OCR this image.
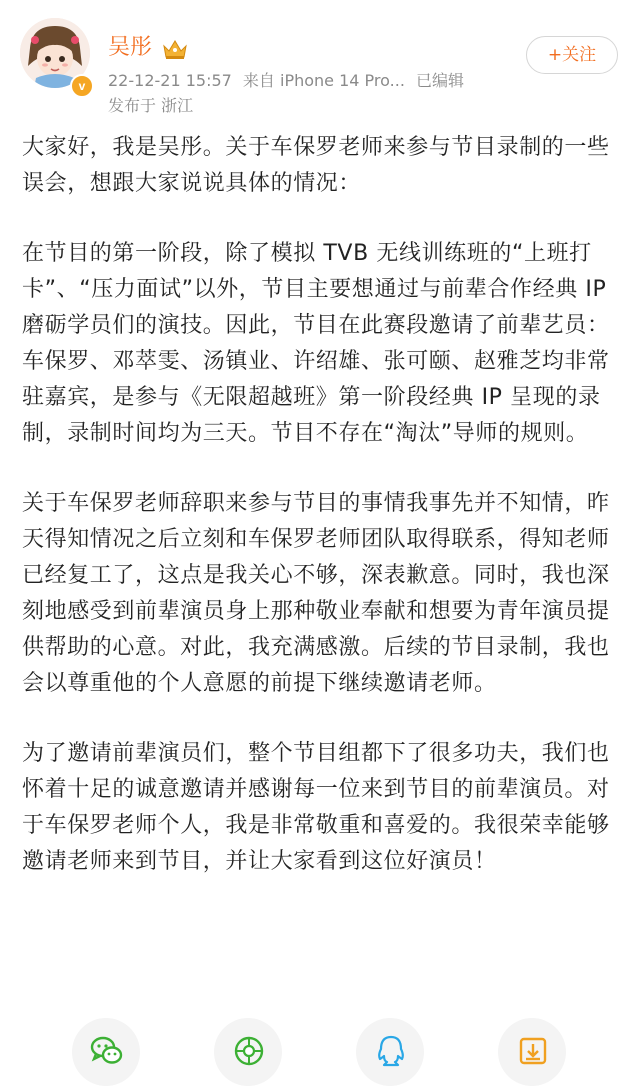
v
吴彤
22-12-21 15:57 来自 iPhone 14 Pro... 已编辑
发布于 浙江
+关注

大家好，我是吴彤。关于车保罗老师来参与节目录制的一些误会，想跟大家说说具体的情况：

在节目的第一阶段，除了模拟 TVB 无线训练班的“上班打卡”、“压力面试”以外，节目主要想通过与前辈合作经典 IP 磨砺学员们的演技。因此，节目在此赛段邀请了前辈艺员：车保罗、邓萃雯、汤镇业、许绍雄、张可颐、赵雅芝均非常驻嘉宾，是参与《无限超越班》第一阶段经典 IP 呈现的录制，录制时间均为三天。节目不存在“淘汰”导师的规则。

关于车保罗老师辞职来参与节目的事情我事先并不知情，昨天得知情况之后立刻和车保罗老师团队取得联系，得知老师已经复工了，这点是我关心不够，深表歉意。同时，我也深刻地感受到前辈演员身上那种敬业奉献和想要为青年演员提供帮助的心意。对此，我充满感激。后续的节目录制，我也会以尊重他的个人意愿的前提下继续邀请老师。

为了邀请前辈演员们，整个节目组都下了很多功夫，我们也怀着十足的诚意邀请并感谢每一位来到节目的前辈演员。对于车保罗老师个人，我是非常敬重和喜爱的。我很荣幸能够邀请老师来到节目，并让大家看到这位好演员！
